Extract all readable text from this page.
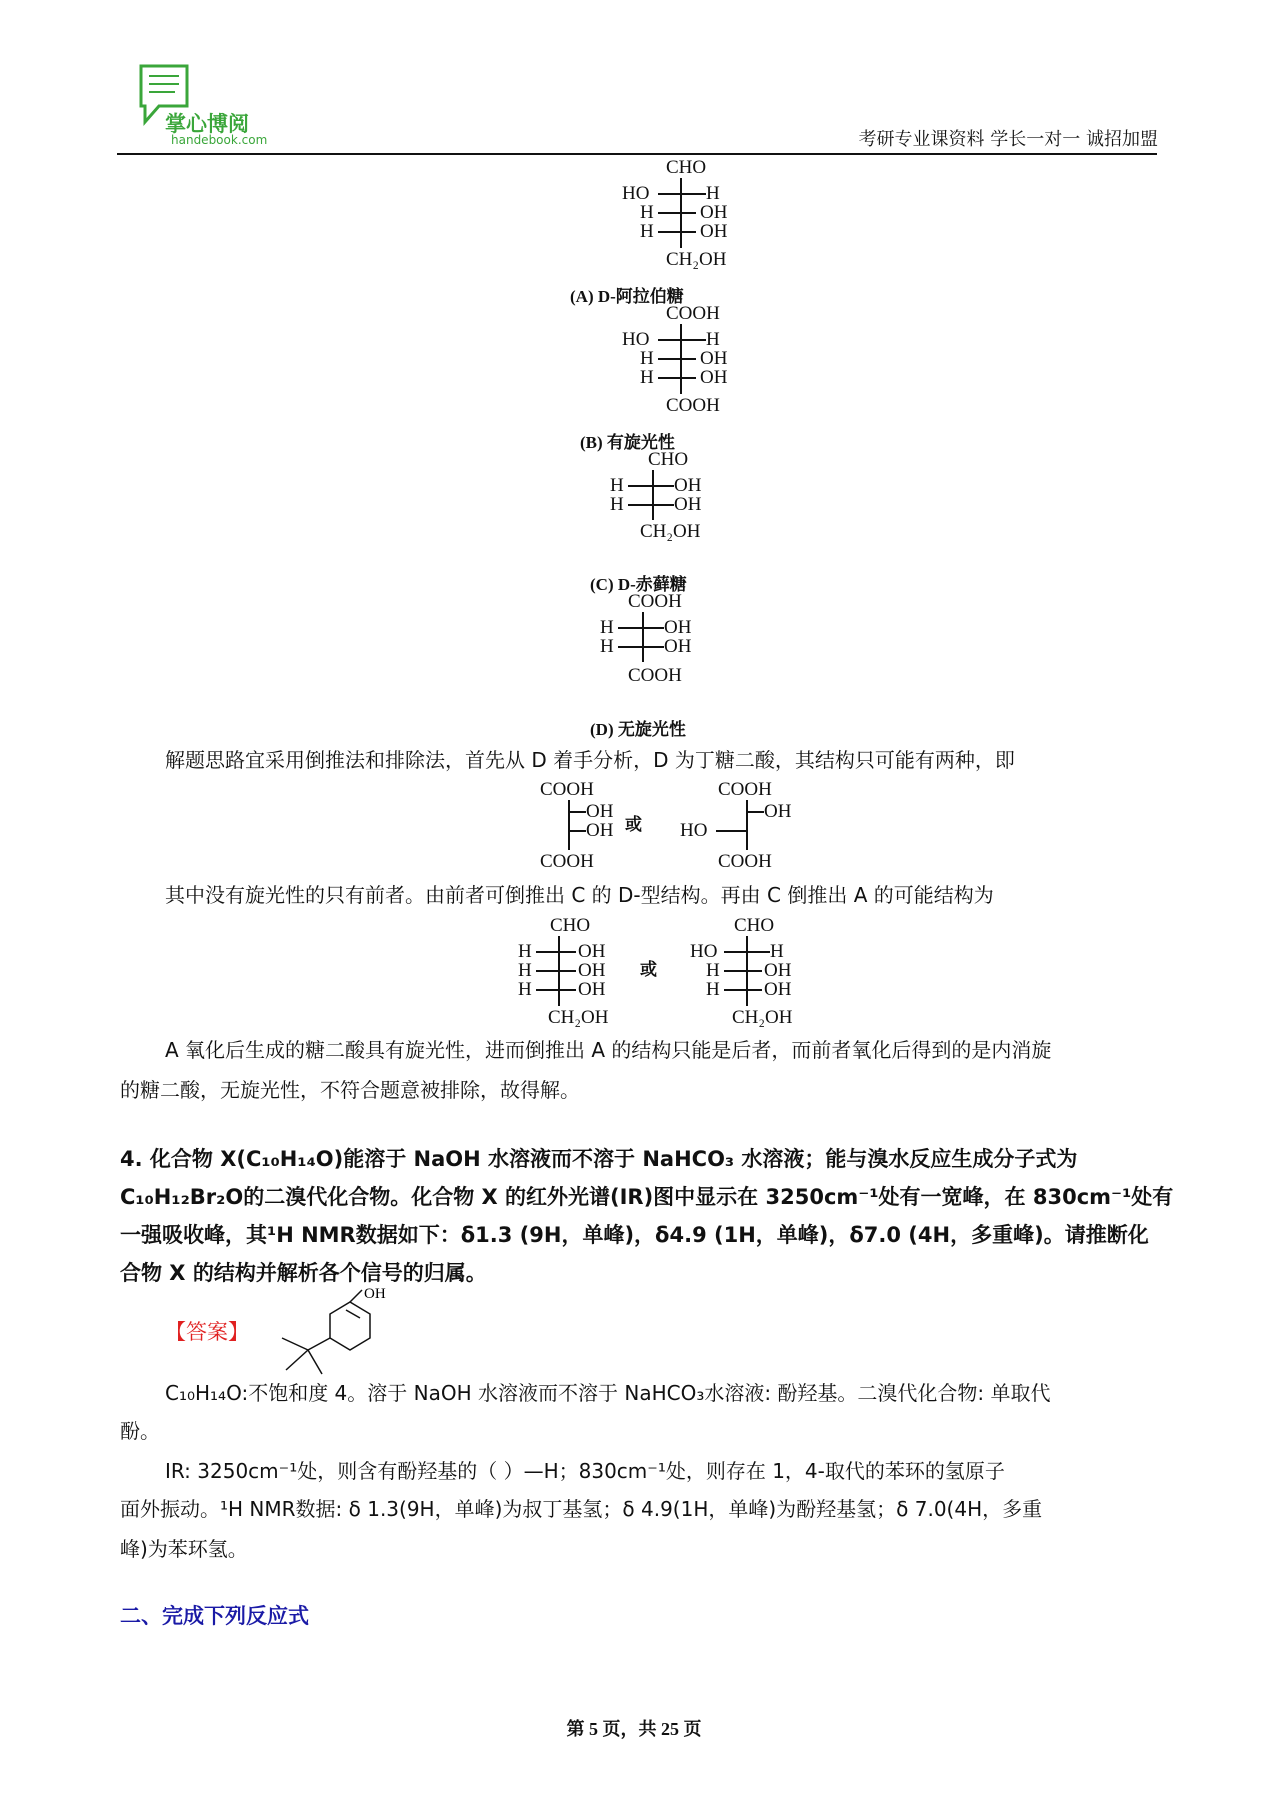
掌心博阅
handebook.com	考研专业课资料 学长一对一 诚招加盟
CHO
HO	H
H OH
H OH
CH₂OH
(A) D-阿拉伯糖
COOH
HO	H
H OH
H OH
COOH
(B) 有旋光性
CHO
H	OH
H	OH
CH₂OH
(C) D-赤藓糖
COOH
H	OH
H	OH
COOH
(D) 无旋光性
解题思路宜采用倒推法和排除法，首先从 D 着手分析，D 为丁糖二酸，其结构只可能有两种，即
COOH
OH
OH
COOH
或
COOH
OH
HO
COOH
其中没有旋光性的只有前者。由前者可倒推出 C 的 D-型结构。再由 C 倒推出 A 的可能结构为
CHO
H OH
H OH
H OH
CH₂OH
或
CHO
HO	H
H OH
H OH
CH₂OH
A 氧化后生成的糖二酸具有旋光性，进而倒推出 A 的结构只能是后者，而前者氧化后得到的是内消旋
的糖二酸，无旋光性，不符合题意被排除，故得解。
4. 化合物 X(C₁₀H₁₄O)能溶于 NaOH 水溶液而不溶于 NaHCO₃ 水溶液；能与溴水反应生成分子式为
C₁₀H₁₂Br₂O的二溴代化合物。化合物 X 的红外光谱(IR)图中显示在 3250cm⁻¹处有一宽峰，在 830cm⁻¹处有
一强吸收峰，其¹H NMR数据如下：δ1.3 (9H，单峰)，δ4.9 (1H，单峰)，δ7.0 (4H，多重峰)。请推断化
合物 X 的结构并解析各个信号的归属。
【答案】
OH
C₁₀H₁₄O:不饱和度 4。溶于 NaOH 水溶液而不溶于 NaHCO₃水溶液: 酚羟基。二溴代化合物: 单取代
酚。
IR: 3250cm⁻¹处，则含有酚羟基的（ ）—H；830cm⁻¹处，则存在 1，4-取代的苯环的氢原子
面外振动。¹H NMR数据: δ 1.3(9H，单峰)为叔丁基氢；δ 4.9(1H，单峰)为酚羟基氢；δ 7.0(4H，多重
峰)为苯环氢。
二、完成下列反应式
第 5 页，共 25 页
